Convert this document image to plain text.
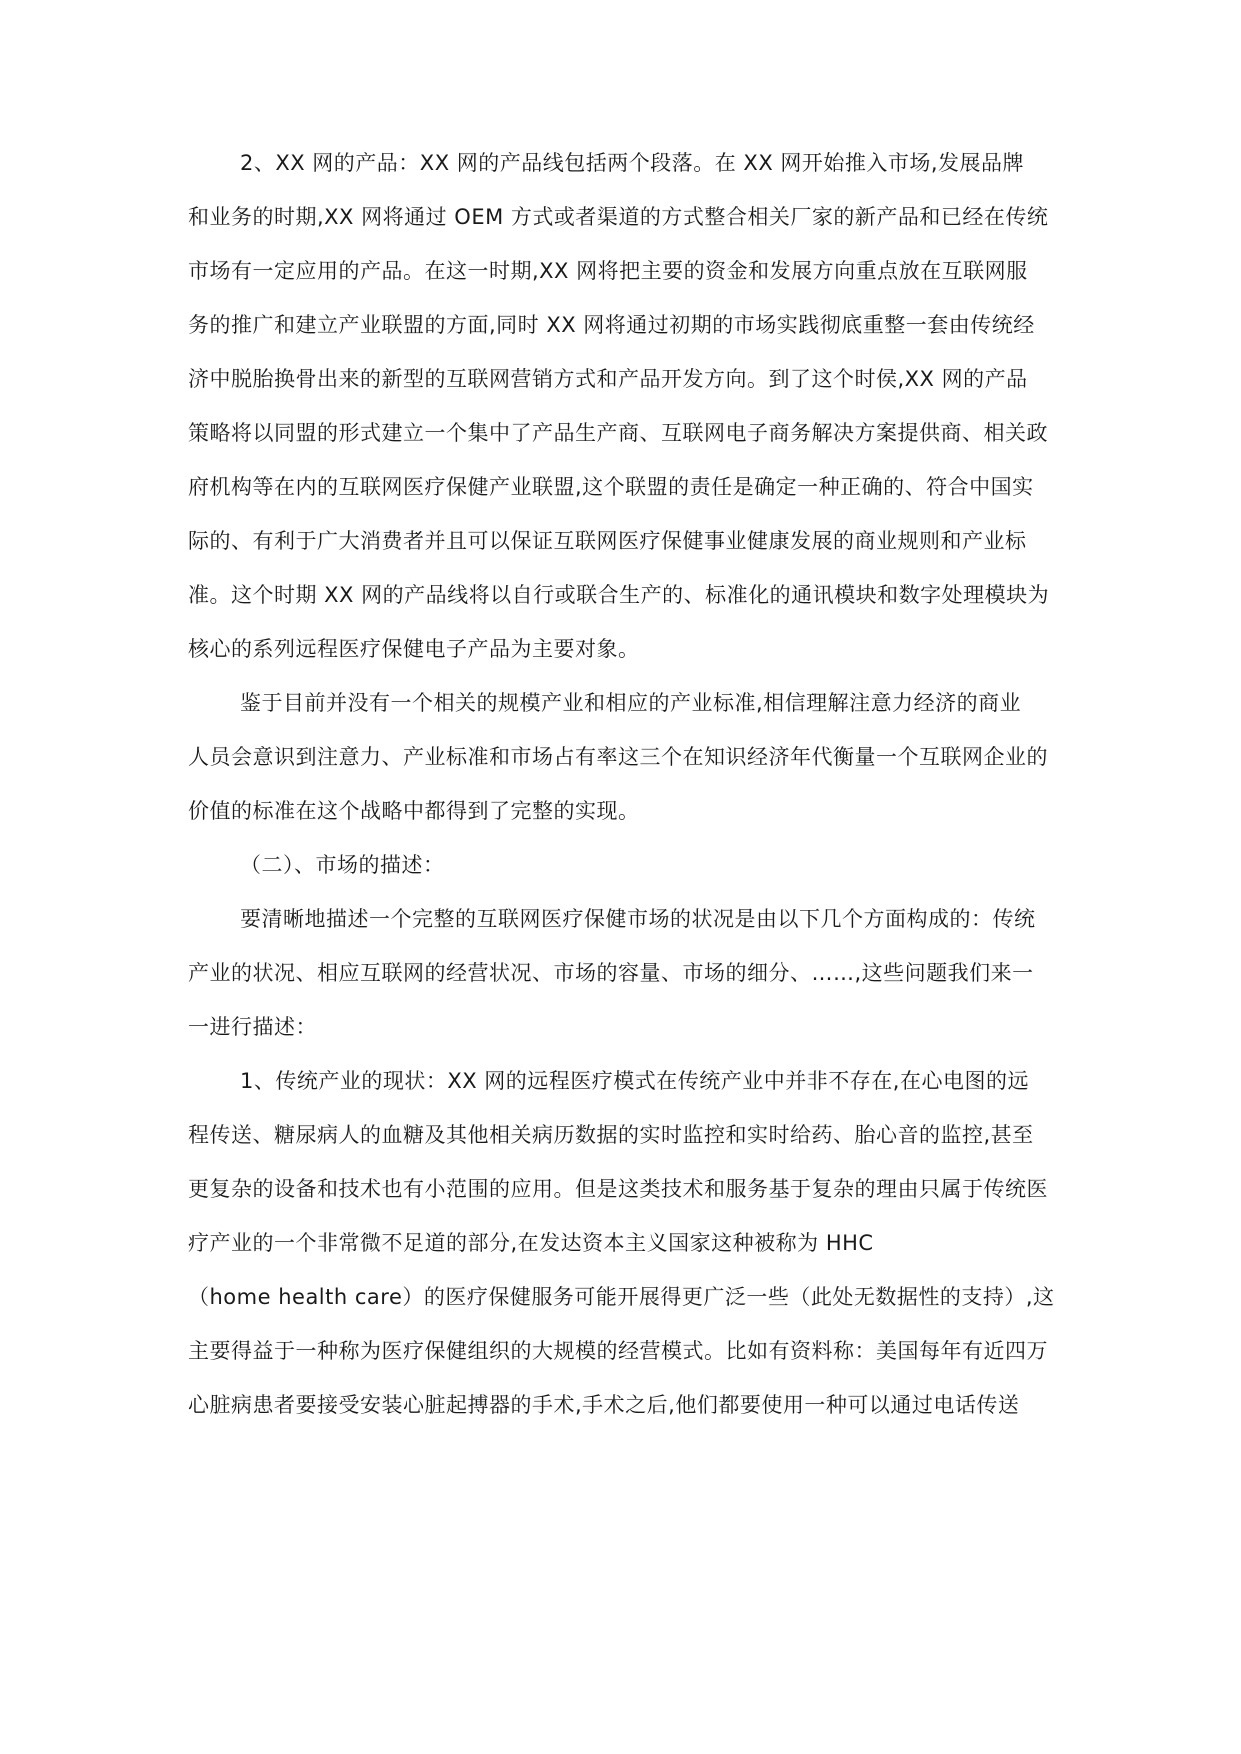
2、XX 网的产品：XX 网的产品线包括两个段落。在 XX 网开始推入市场,发展品牌
和业务的时期,XX 网将通过 OEM 方式或者渠道的方式整合相关厂家的新产品和已经在传统
市场有一定应用的产品。在这一时期,XX 网将把主要的资金和发展方向重点放在互联网服
务的推广和建立产业联盟的方面,同时 XX 网将通过初期的市场实践彻底重整一套由传统经
济中脱胎换骨出来的新型的互联网营销方式和产品开发方向。到了这个时侯,XX 网的产品
策略将以同盟的形式建立一个集中了产品生产商、互联网电子商务解决方案提供商、相关政
府机构等在内的互联网医疗保健产业联盟,这个联盟的责任是确定一种正确的、符合中国实
际的、有利于广大消费者并且可以保证互联网医疗保健事业健康发展的商业规则和产业标
准。这个时期 XX 网的产品线将以自行或联合生产的、标准化的通讯模块和数字处理模块为
核心的系列远程医疗保健电子产品为主要对象。
鉴于目前并没有一个相关的规模产业和相应的产业标准,相信理解注意力经济的商业
人员会意识到注意力、产业标准和市场占有率这三个在知识经济年代衡量一个互联网企业的
价值的标准在这个战略中都得到了完整的实现。
（二）、市场的描述：
要清晰地描述一个完整的互联网医疗保健市场的状况是由以下几个方面构成的：传统
产业的状况、相应互联网的经营状况、市场的容量、市场的细分、……,这些问题我们来一
一进行描述：
1、传统产业的现状：XX 网的远程医疗模式在传统产业中并非不存在,在心电图的远
程传送、糖尿病人的血糖及其他相关病历数据的实时监控和实时给药、胎心音的监控,甚至
更复杂的设备和技术也有小范围的应用。但是这类技术和服务基于复杂的理由只属于传统医
疗产业的一个非常微不足道的部分,在发达资本主义国家这种被称为 HHC
（home health care）的医疗保健服务可能开展得更广泛一些（此处无数据性的支持）,这
主要得益于一种称为医疗保健组织的大规模的经营模式。比如有资料称：美国每年有近四万
心脏病患者要接受安装心脏起搏器的手术,手术之后,他们都要使用一种可以通过电话传送
